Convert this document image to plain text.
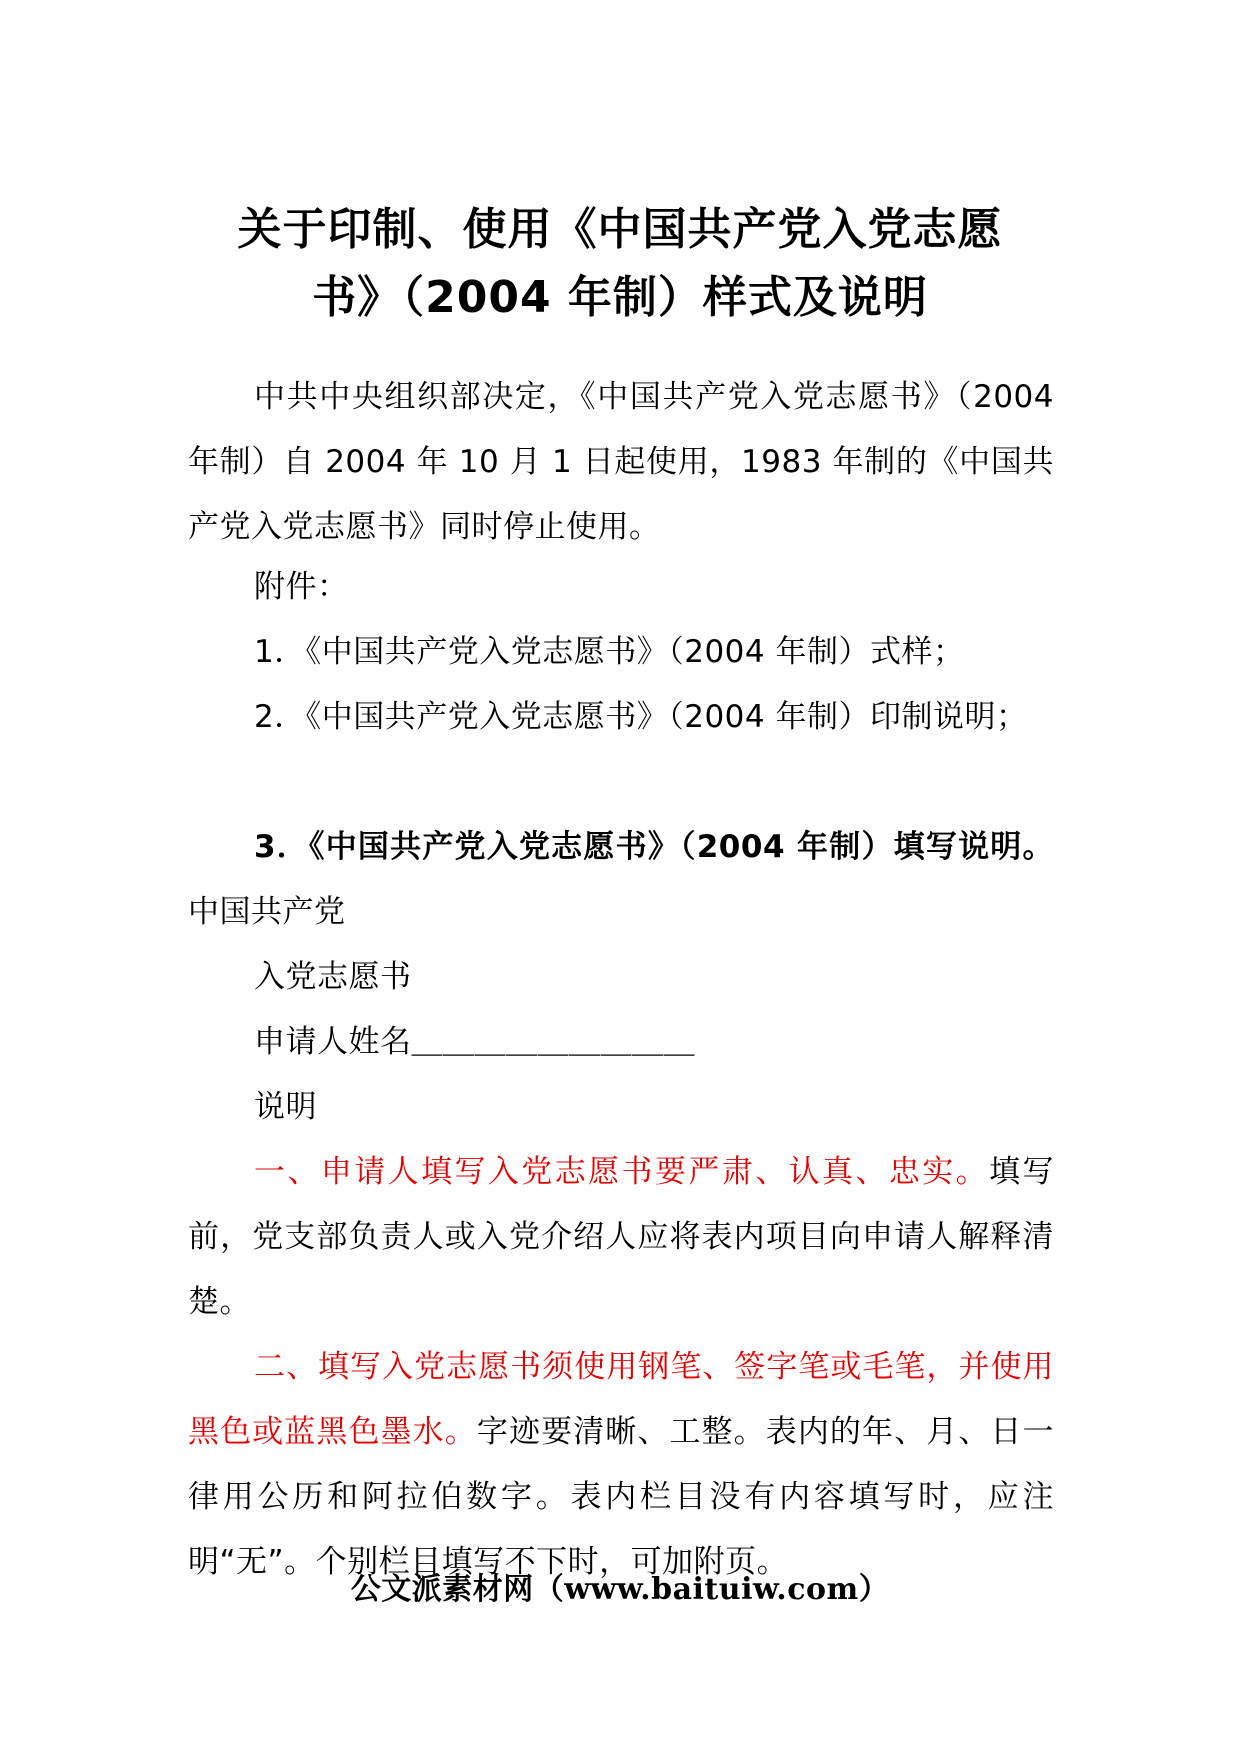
关于印制、使用《中国共产党入党志愿
书》（2004 年制）样式及说明
中共中央组织部决定，《中国共产党入党志愿书》（2004 年制）自 2004 年 10 月 1 日起使用，1983 年制的《中国共产党入党志愿书》同时停止使用。
附件：
1．《中国共产党入党志愿书》（2004 年制）式样；
2．《中国共产党入党志愿书》（2004 年制）印制说明；
3．《中国共产党入党志愿书》（2004 年制）填写说明。中国共产党
入党志愿书
申请人姓名＿＿＿＿＿＿＿＿＿
说明
一、申请人填写入党志愿书要严肃、认真、忠实。填写前，党支部负责人或入党介绍人应将表内项目向申请人解释清楚。
二、填写入党志愿书须使用钢笔、签字笔或毛笔，并使用黑色或蓝黑色墨水。字迹要清晰、工整。表内的年、月、日一律用公历和阿拉伯数字。表内栏目没有内容填写时，应注明“无”。个别栏目填写不下时，可加附页。
公文派素材网（www.baituiw.com）
